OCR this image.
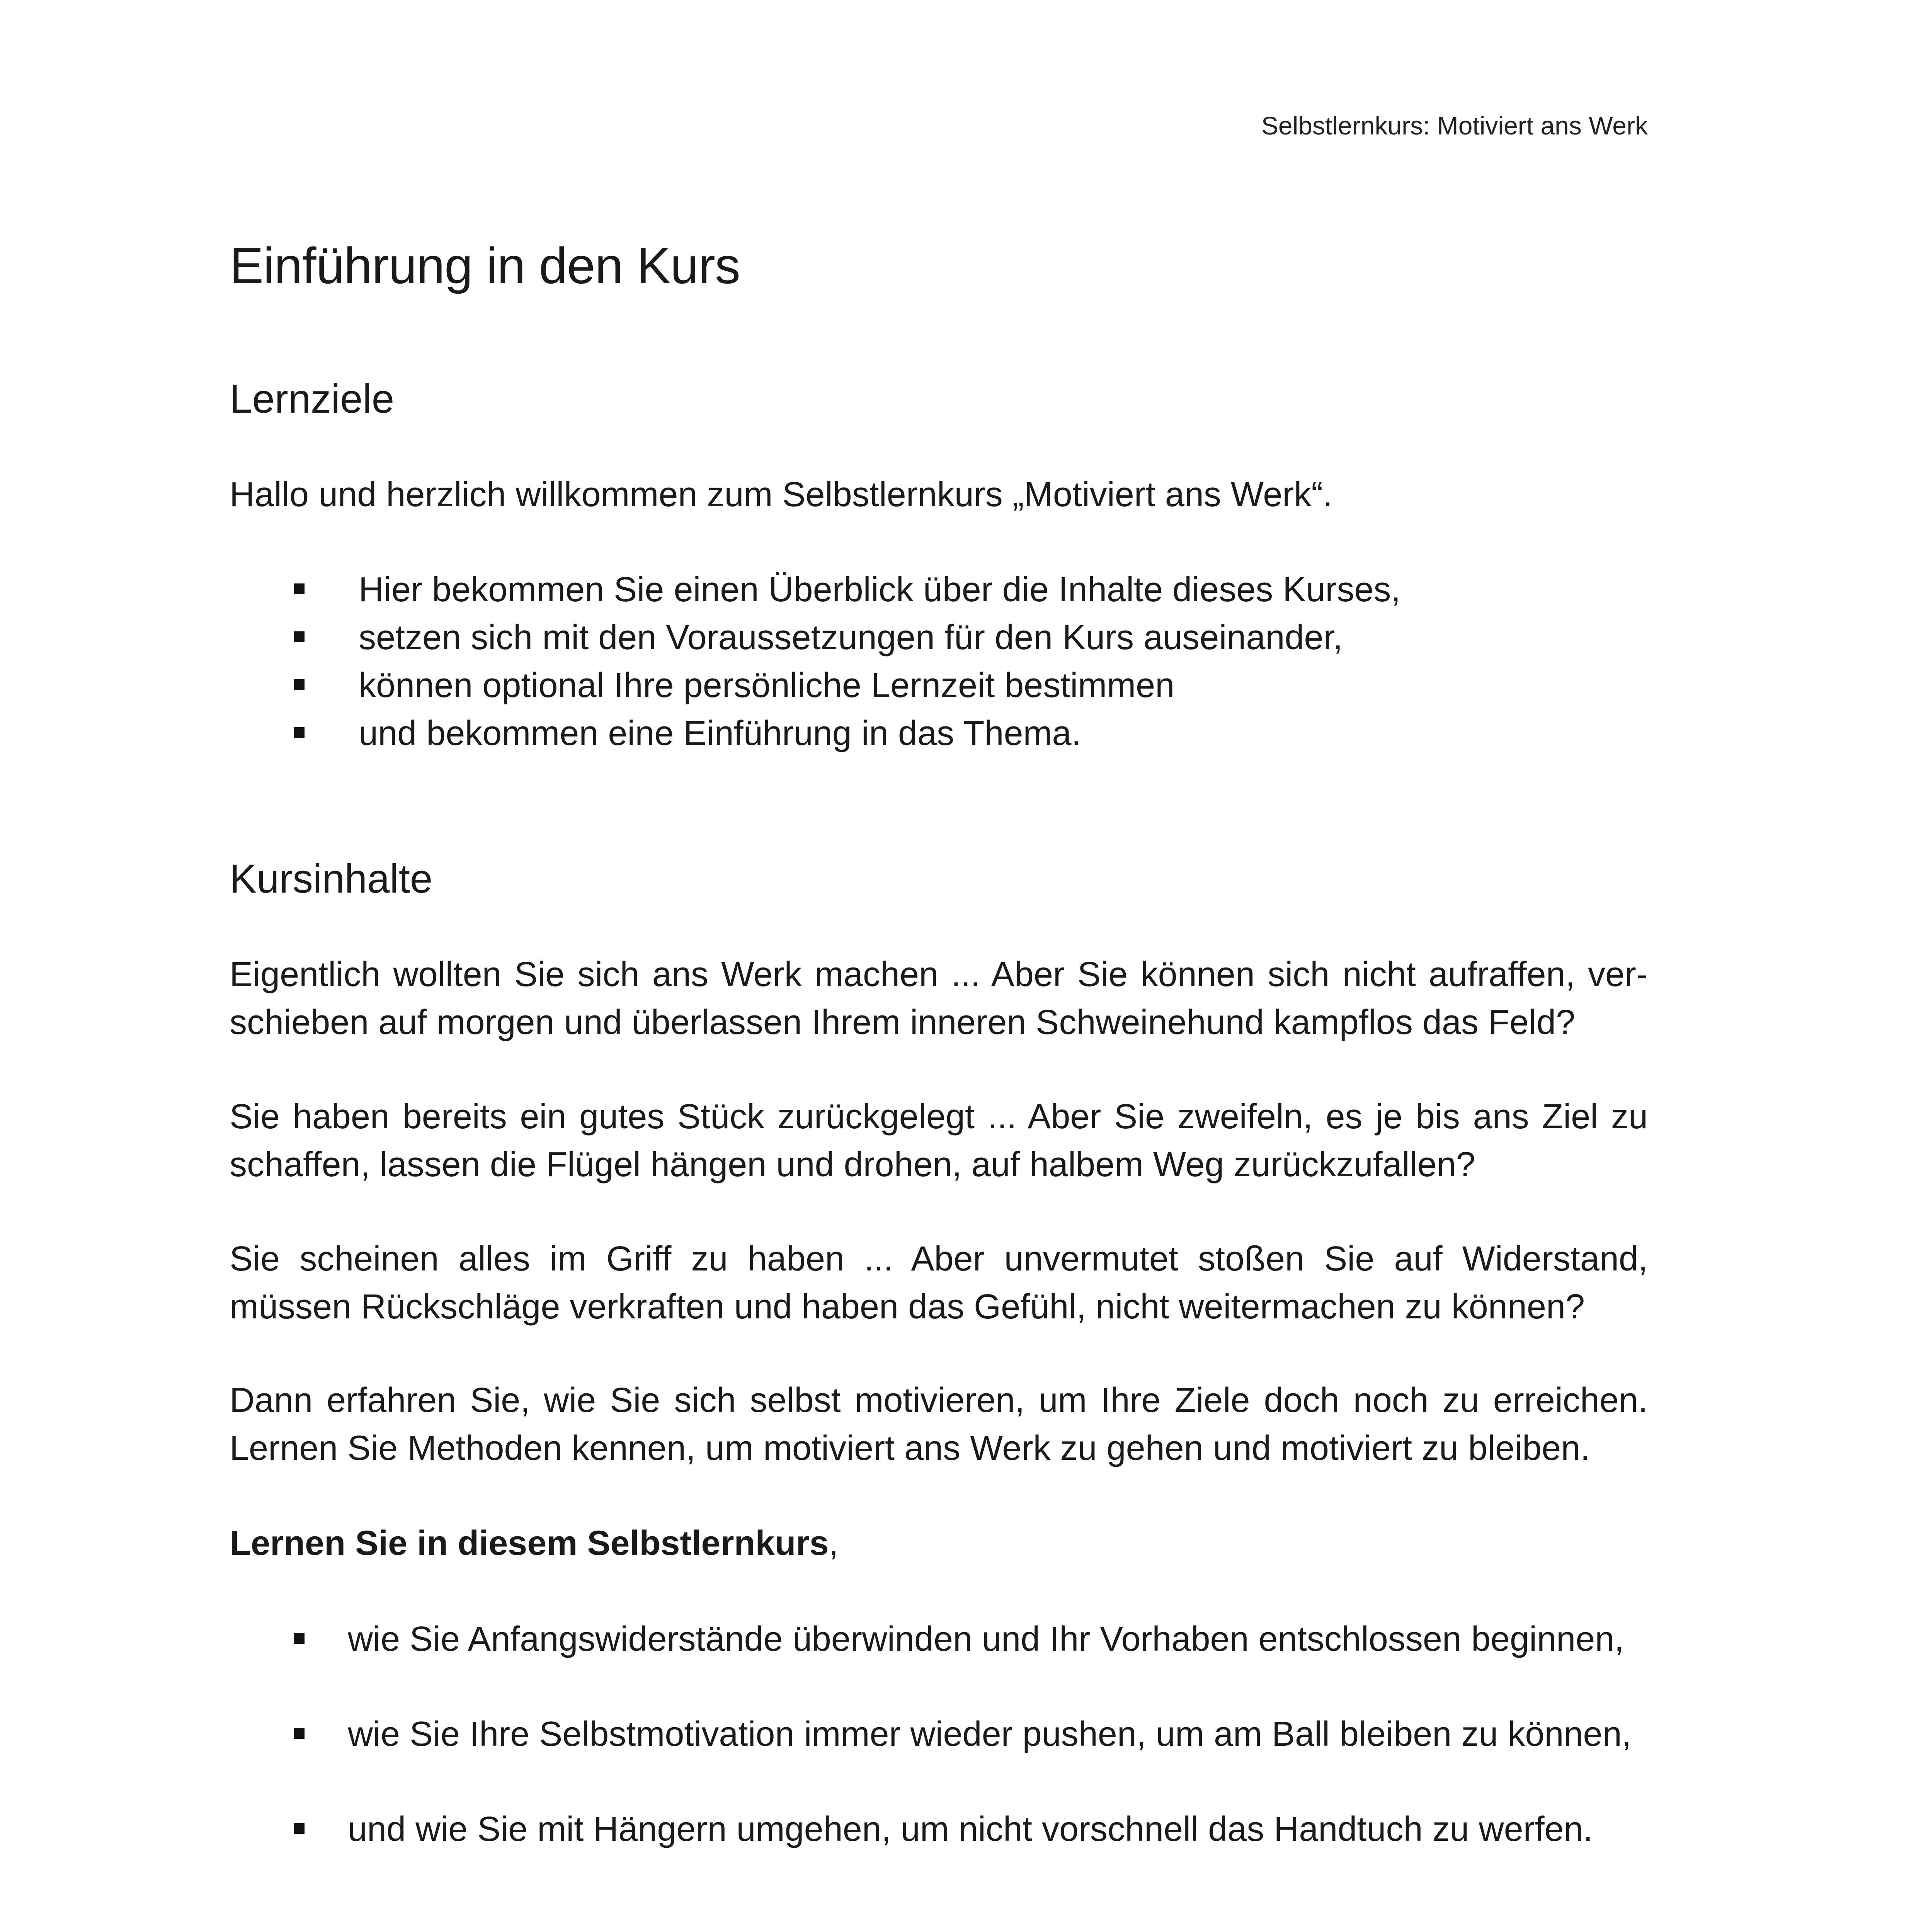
Selbstlernkurs: Motiviert ans Werk
Einführung in den Kurs
Lernziele

Hallo und herzlich willkommen zum Selbstlernkurs „Motiviert ans Werk“.

Hier bekommen Sie einen Überblick über die Inhalte dieses Kurses,
setzen sich mit den Voraussetzungen für den Kurs auseinander,
können optional Ihre persönliche Lernzeit bestimmen
und bekommen eine Einführung in das Thema.
Kursinhalte

Eigentlich wollten Sie sich ans Werk machen ... Aber Sie können sich nicht aufraffen, verschieben auf morgen und überlassen Ihrem inneren Schweinehund kampflos das Feld?

Sie haben bereits ein gutes Stück zurückgelegt ... Aber Sie zweifeln, es je bis ans Ziel zu schaffen, lassen die Flügel hängen und drohen, auf halbem Weg zurückzufallen?

Sie scheinen alles im Griff zu haben ... Aber unvermutet stoßen Sie auf Widerstand, müssen Rückschläge verkraften und haben das Gefühl, nicht weitermachen zu können?

Dann erfahren Sie, wie Sie sich selbst motivieren, um Ihre Ziele doch noch zu erreichen. Lernen Sie Methoden kennen, um motiviert ans Werk zu gehen und motiviert zu bleiben.

Lernen Sie in diesem Selbstlernkurs,

wie Sie Anfangswiderstände überwinden und Ihr Vorhaben entschlossen beginnen,
wie Sie Ihre Selbstmotivation immer wieder pushen, um am Ball bleiben zu können,
und wie Sie mit Hängern umgehen, um nicht vorschnell das Handtuch zu werfen.
